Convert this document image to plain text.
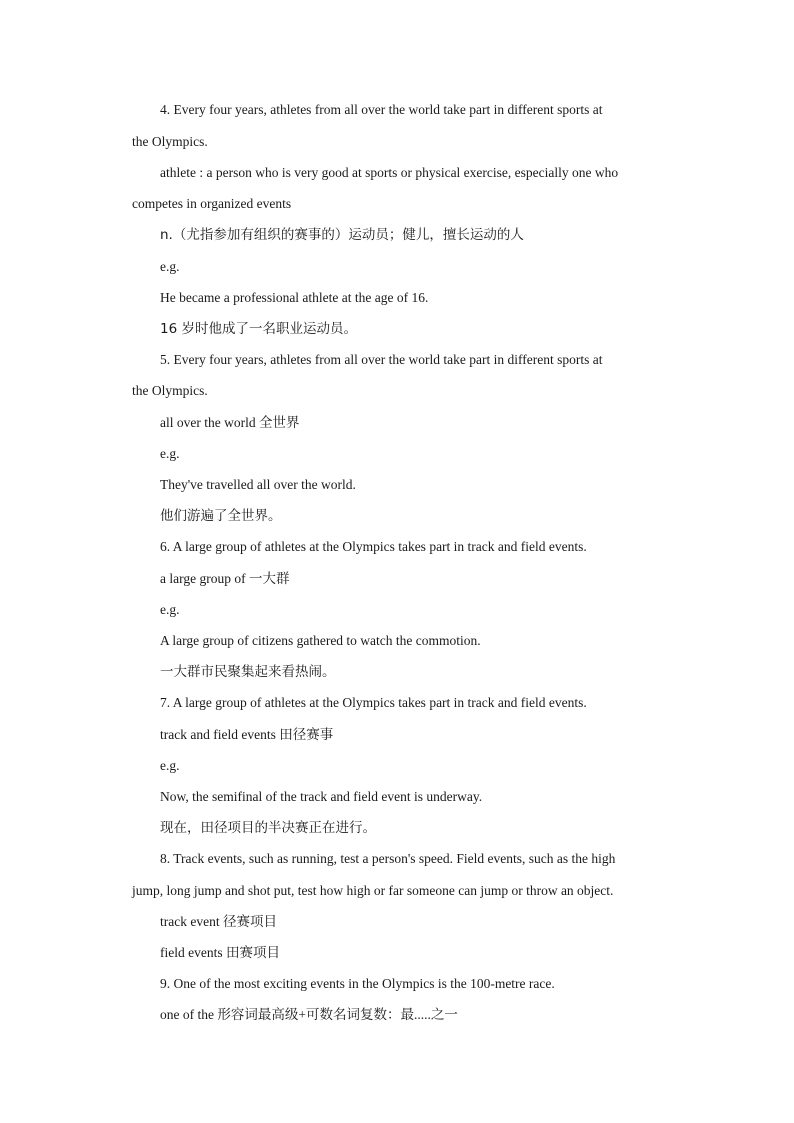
4. Every four years, athletes from all over the world take part in different sports at
the Olympics.
athlete : a person who is very good at sports or physical exercise, especially one who
competes in organized events
n.（尤指参加有组织的赛事的）运动员；健儿，擅长运动的人
e.g.
He became a professional athlete at the age of 16.
16 岁时他成了一名职业运动员。
5. Every four years, athletes from all over the world take part in different sports at
the Olympics.
all over the world 全世界
e.g.
They've travelled all over the world.
他们游遍了全世界。
6. A large group of athletes at the Olympics takes part in track and field events.
a large group of 一大群
e.g.
A large group of citizens gathered to watch the commotion.
一大群市民聚集起来看热闹。
7. A large group of athletes at the Olympics takes part in track and field events.
track and field events 田径赛事
e.g.
Now, the semifinal of the track and field event is underway.
现在，田径项目的半决赛正在进行。
8. Track events, such as running, test a person's speed. Field events, such as the high
jump, long jump and shot put, test how high or far someone can jump or throw an object.
track event 径赛项目
field events 田赛项目
9. One of the most exciting events in the Olympics is the 100-metre race.
one of the 形容词最高级+可数名词复数：最.....之一
